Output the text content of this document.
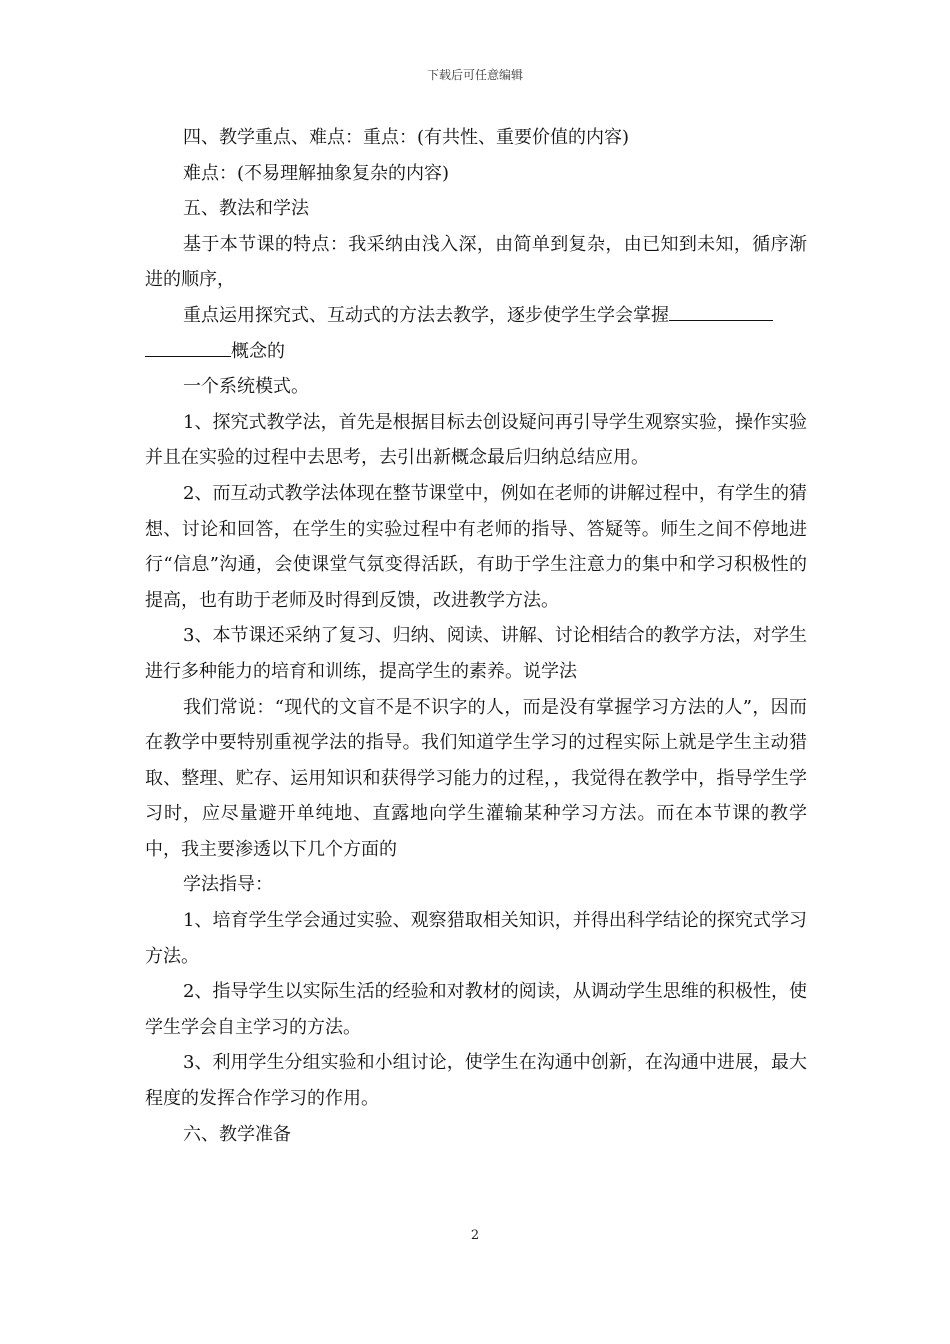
下载后可任意编辑

四、教学重点、难点：重点：(有共性、重要价值的内容)

难点：(不易理解抽象复杂的内容)

五、教法和学法

基于本节课的特点：我采纳由浅入深，由简单到复杂，由已知到未知，循序渐进的顺序，

重点运用探究式、互动式的方法去教学，逐步使学生学会掌握

概念的

一个系统模式。

1、探究式教学法，首先是根据目标去创设疑问再引导学生观察实验，操作实验并且在实验的过程中去思考，去引出新概念最后归纳总结应用。

2、而互动式教学法体现在整节课堂中，例如在老师的讲解过程中，有学生的猜想、讨论和回答，在学生的实验过程中有老师的指导、答疑等。师生之间不停地进行“信息”沟通，会使课堂气氛变得活跃，有助于学生注意力的集中和学习积极性的提高，也有助于老师及时得到反馈，改进教学方法。

3、本节课还采纳了复习、归纳、阅读、讲解、讨论相结合的教学方法，对学生进行多种能力的培育和训练，提高学生的素养。说学法

我们常说：“现代的文盲不是不识字的人，而是没有掌握学习方法的人”，因而在教学中要特别重视学法的指导。我们知道学生学习的过程实际上就是学生主动猎取、整理、贮存、运用知识和获得学习能力的过程，，我觉得在教学中，指导学生学习时，应尽量避开单纯地、直露地向学生灌输某种学习方法。而在本节课的教学中，我主要渗透以下几个方面的

学法指导：

1、培育学生学会通过实验、观察猎取相关知识，并得出科学结论的探究式学习方法。

2、指导学生以实际生活的经验和对教材的阅读，从调动学生思维的积极性，使学生学会自主学习的方法。

3、利用学生分组实验和小组讨论，使学生在沟通中创新，在沟通中进展，最大程度的发挥合作学习的作用。

六、教学准备

2
